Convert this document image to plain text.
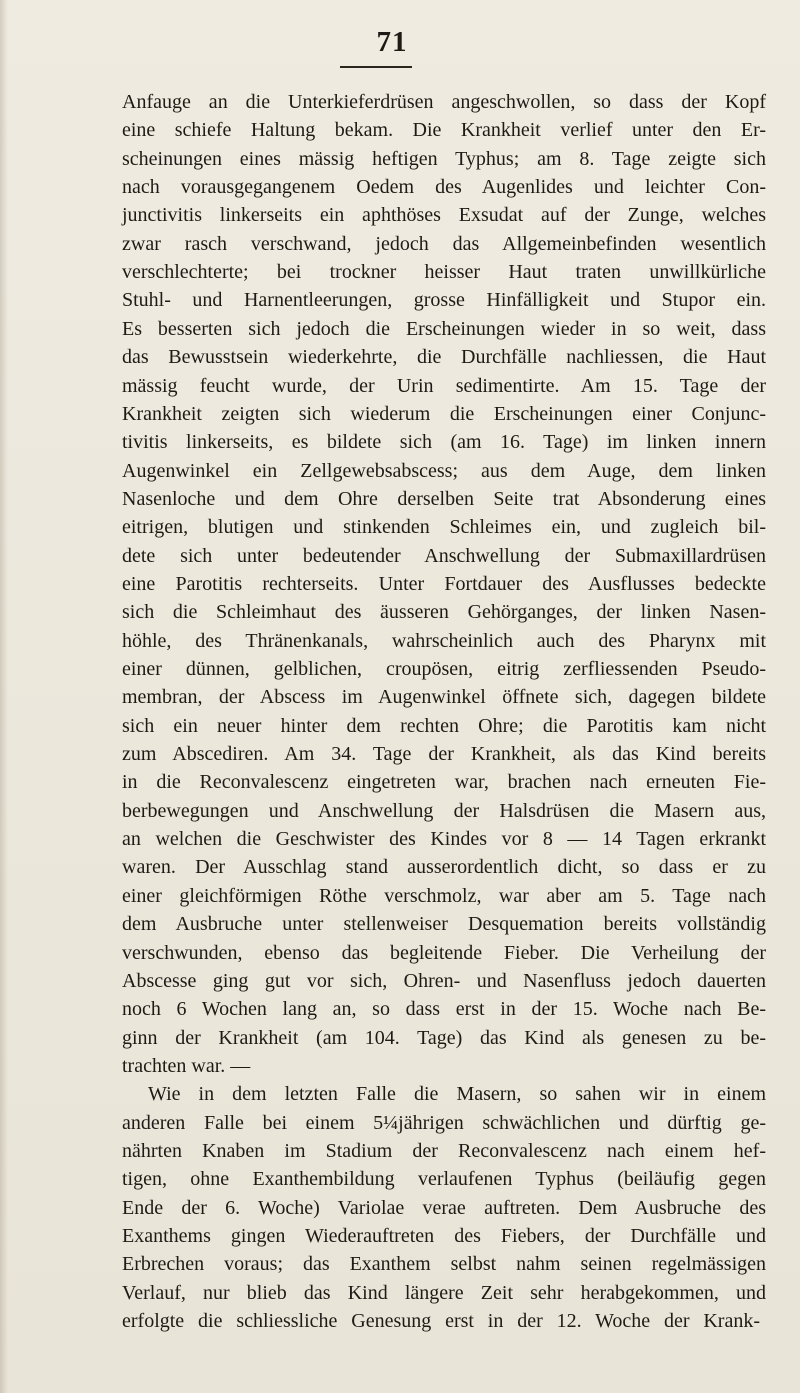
71
Anfauge an die Unterkieferdrüsen angeschwollen, so dass der Kopf
eine schiefe Haltung bekam. Die Krankheit verlief unter den Er-
scheinungen eines mässig heftigen Typhus; am 8. Tage zeigte sich
nach vorausgegangenem Oedem des Augenlides und leichter Con-
junctivitis linkerseits ein aphthöses Exsudat auf der Zunge, welches
zwar rasch verschwand, jedoch das Allgemeinbefinden wesentlich
verschlechterte; bei trockner heisser Haut traten unwillkürliche
Stuhl- und Harnentleerungen, grosse Hinfälligkeit und Stupor ein.
Es besserten sich jedoch die Erscheinungen wieder in so weit, dass
das Bewusstsein wiederkehrte, die Durchfälle nachliessen, die Haut
mässig feucht wurde, der Urin sedimentirte. Am 15. Tage der
Krankheit zeigten sich wiederum die Erscheinungen einer Conjunc-
tivitis linkerseits, es bildete sich (am 16. Tage) im linken innern
Augenwinkel ein Zellgewebsabscess; aus dem Auge, dem linken
Nasenloche und dem Ohre derselben Seite trat Absonderung eines
eitrigen, blutigen und stinkenden Schleimes ein, und zugleich bil-
dete sich unter bedeutender Anschwellung der Submaxillardrüsen
eine Parotitis rechterseits. Unter Fortdauer des Ausflusses bedeckte
sich die Schleimhaut des äusseren Gehörganges, der linken Nasen-
höhle, des Thränenkanals, wahrscheinlich auch des Pharynx mit
einer dünnen, gelblichen, croupösen, eitrig zerfliessenden Pseudo-
membran, der Abscess im Augenwinkel öffnete sich, dagegen bildete
sich ein neuer hinter dem rechten Ohre; die Parotitis kam nicht
zum Abscediren. Am 34. Tage der Krankheit, als das Kind bereits
in die Reconvalescenz eingetreten war, brachen nach erneuten Fie-
berbewegungen und Anschwellung der Halsdrüsen die Masern aus,
an welchen die Geschwister des Kindes vor 8 — 14 Tagen erkrankt
waren. Der Ausschlag stand ausserordentlich dicht, so dass er zu
einer gleichförmigen Röthe verschmolz, war aber am 5. Tage nach
dem Ausbruche unter stellenweiser Desquemation bereits vollständig
verschwunden, ebenso das begleitende Fieber. Die Verheilung der
Abscesse ging gut vor sich, Ohren- und Nasenfluss jedoch dauerten
noch 6 Wochen lang an, so dass erst in der 15. Woche nach Be-
ginn der Krankheit (am 104. Tage) das Kind als genesen zu be-
trachten war. —
Wie in dem letzten Falle die Masern, so sahen wir in einem
anderen Falle bei einem 5¼jährigen schwächlichen und dürftig ge-
nährten Knaben im Stadium der Reconvalescenz nach einem hef-
tigen, ohne Exanthembildung verlaufenen Typhus (beiläufig gegen
Ende der 6. Woche) Variolae verae auftreten. Dem Ausbruche des
Exanthems gingen Wiederauftreten des Fiebers, der Durchfälle und
Erbrechen voraus; das Exanthem selbst nahm seinen regelmässigen
Verlauf, nur blieb das Kind längere Zeit sehr herabgekommen, und
erfolgte die schliessliche Genesung erst in der 12. Woche der Krank-
